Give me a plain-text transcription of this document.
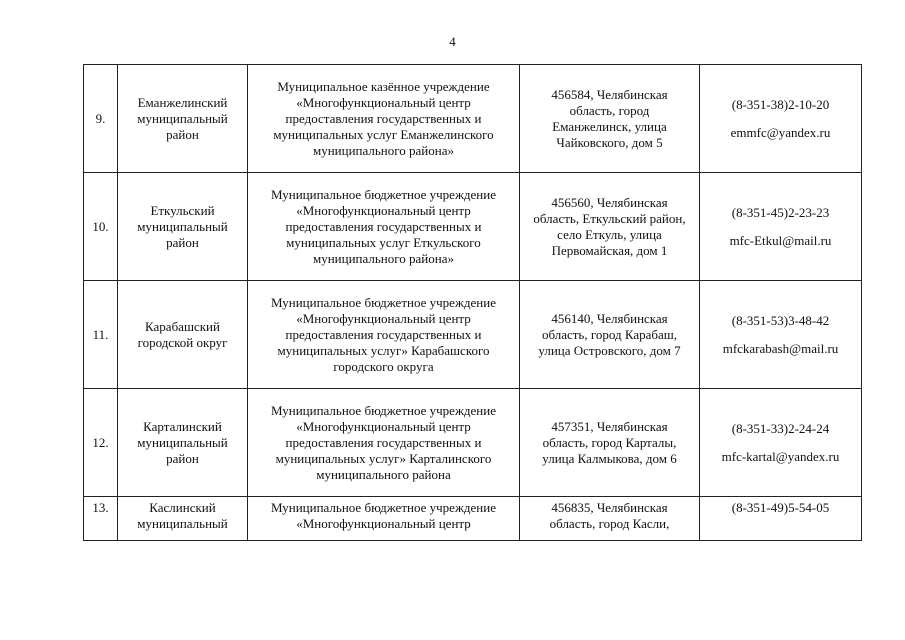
4
9.	Еманжелинский
муниципальный
район	Муниципальное казённое учреждение
«Многофункциональный центр
предоставления государственных и
муниципальных услуг Еманжелинского
муниципального района»	456584, Челябинская
область, город
Еманжелинск, улица
Чайковского, дом 5	(8-351-38)2-10-20
emmfc@yandex.ru

10.	Еткульский
муниципальный
район	Муниципальное бюджетное учреждение
«Многофункциональный центр
предоставления государственных и
муниципальных услуг Еткульского
муниципального района»	456560, Челябинская
область, Еткульский район,
село Еткуль, улица
Первомайская, дом 1	(8-351-45)2-23-23
mfc-Etkul@mail.ru

11.	Карабашский
городской округ	Муниципальное бюджетное учреждение
«Многофункциональный центр
предоставления государственных и
муниципальных услуг» Карабашского
городского округа	456140, Челябинская
область, город Карабаш,
улица Островского, дом 7	(8-351-53)3-48-42
mfckarabash@mail.ru

12.	Карталинский
муниципальный
район	Муниципальное бюджетное учреждение
«Многофункциональный центр
предоставления государственных и
муниципальных услуг» Карталинского
муниципального района	457351, Челябинская
область, город Карталы,
улица Калмыкова, дом 6	(8-351-33)2-24-24
mfc-kartal@yandex.ru

13.	Каслинский
муниципальный	Муниципальное бюджетное учреждение
«Многофункциональный центр	456835, Челябинская
область, город Касли,	(8-351-49)5-54-05
